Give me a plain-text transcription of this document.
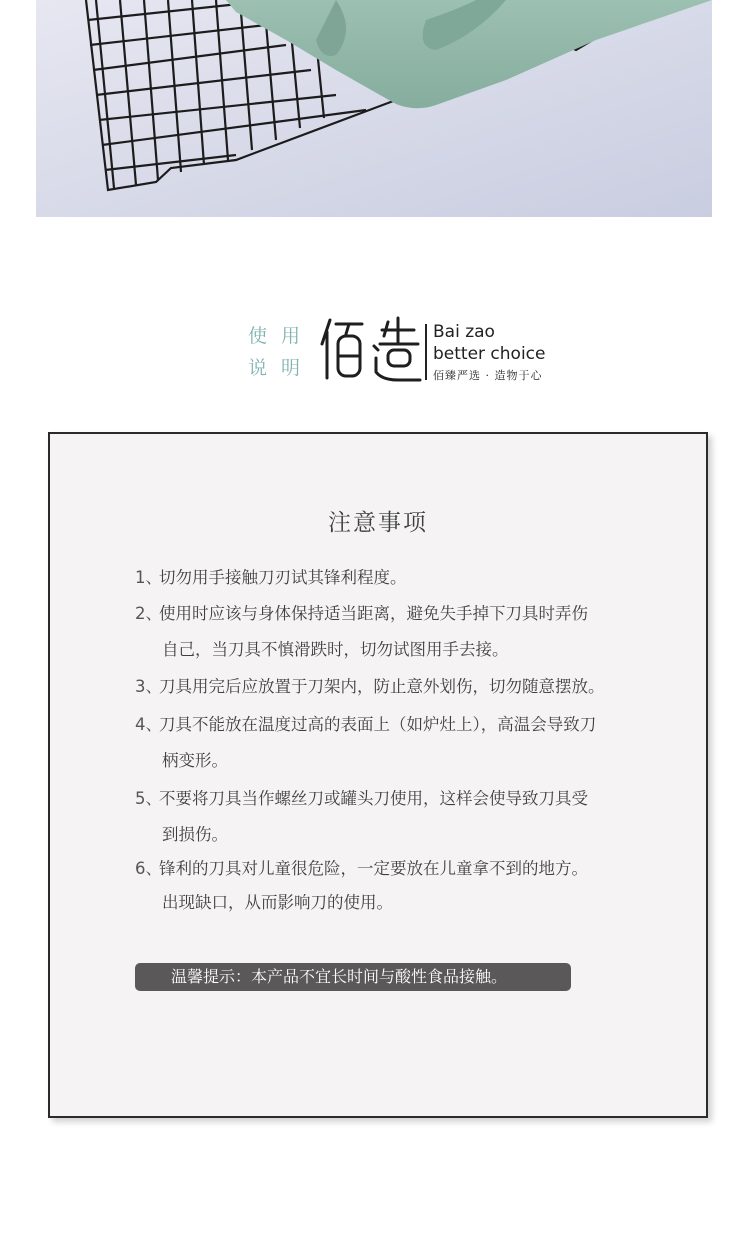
使用
说明
Bai zao
better choice
佰臻严选 · 造物于心
注意事项
1、切勿用手接触刀刃试其锋利程度。
2、使用时应该与身体保持适当距离，避免失手掉下刀具时弄伤
自己，当刀具不慎滑跌时，切勿试图用手去接。
3、刀具用完后应放置于刀架内，防止意外划伤，切勿随意摆放。
4、刀具不能放在温度过高的表面上（如炉灶上），高温会导致刀
柄变形。
5、不要将刀具当作螺丝刀或罐头刀使用，这样会使导致刀具受
到损伤。
6、锋利的刀具对儿童很危险，一定要放在儿童拿不到的地方。
出现缺口，从而影响刀的使用。
温馨提示：本产品不宜长时间与酸性食品接触。
